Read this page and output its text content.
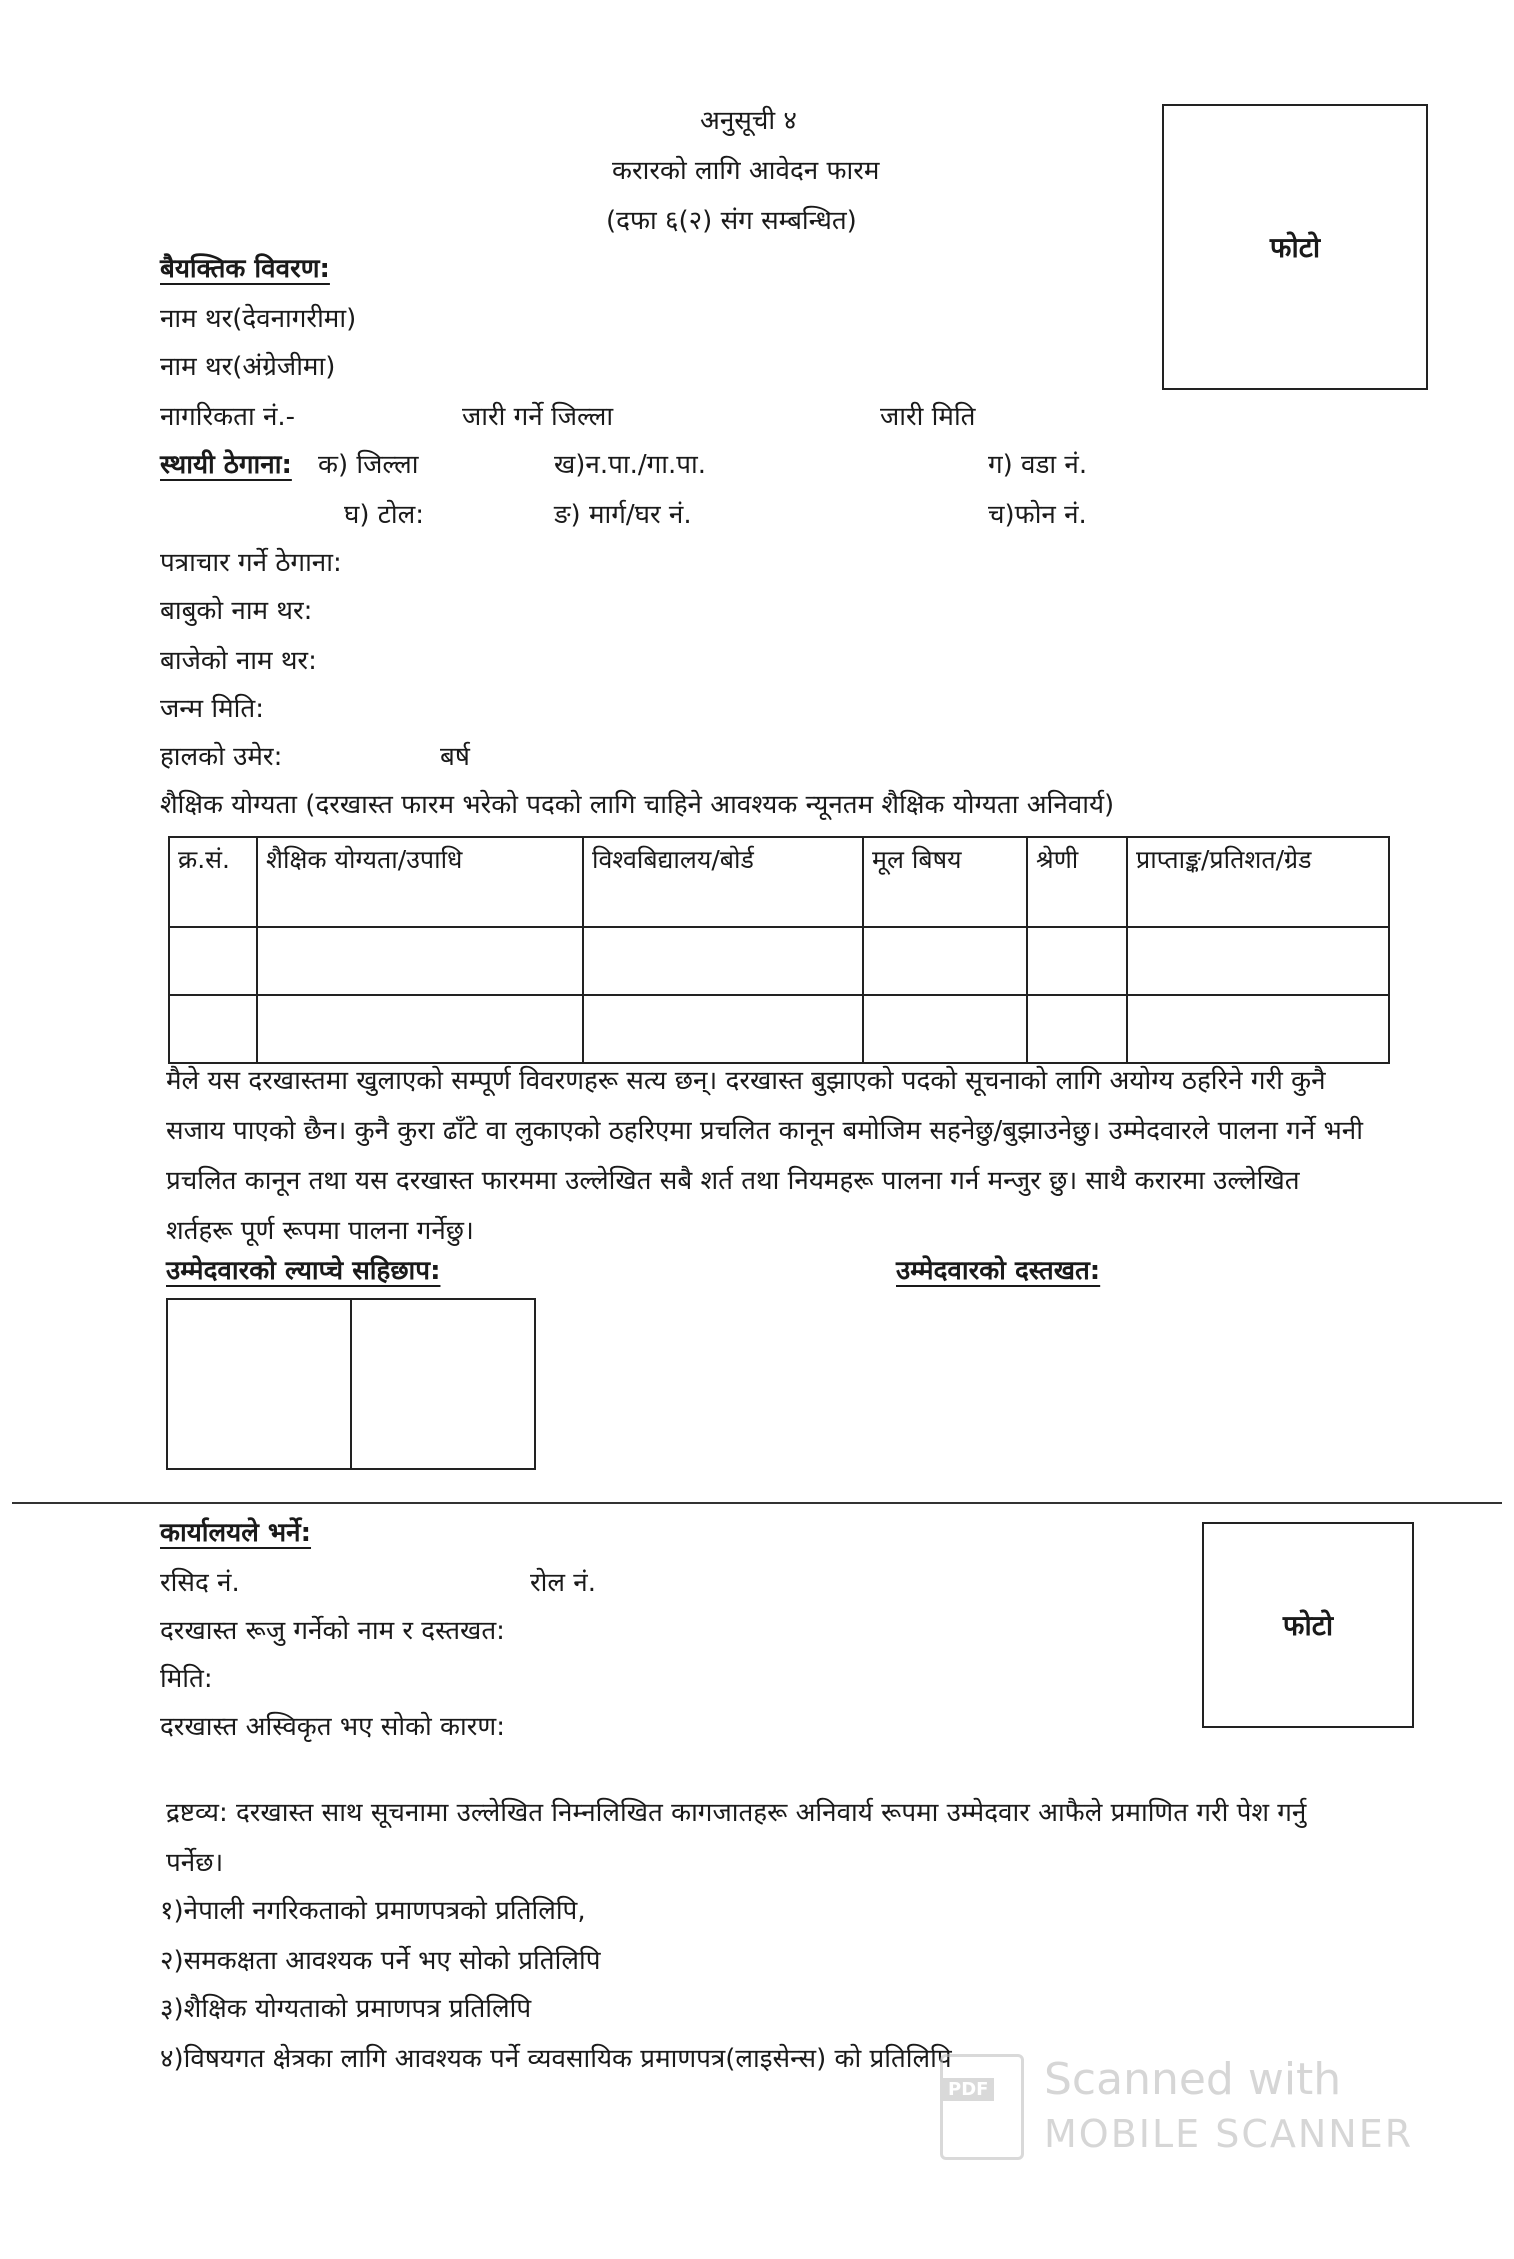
अनुसूची ४
करारको लागि आवेदन फारम
(दफा ६(२) संग सम्बन्धित)
फोटो
बैयक्तिक विवरण:
नाम थर(देवनागरीमा)
नाम थर(अंग्रेजीमा)
नागरिकता नं.-	जारी गर्ने जिल्ला	जारी मिति
स्थायी ठेगाना: क) जिल्ला	ख)न.पा./गा.पा.	ग) वडा नं.
घ) टोल:	ङ) मार्ग/घर नं.	च)फोन नं.
पत्राचार गर्ने ठेगाना:
बाबुको नाम थर:
बाजेको नाम थर:
जन्म मिति:
हालको उमेर:	बर्ष
शैक्षिक योग्यता (दरखास्त फारम भरेको पदको लागि चाहिने आवश्यक न्यूनतम शैक्षिक योग्यता अनिवार्य)
क्र.सं.	शैक्षिक योग्यता/उपाधि	विश्वबिद्यालय/बोर्ड	मूल बिषय	श्रेणी	प्राप्ताङ्क/प्रतिशत/ग्रेड

मैले यस दरखास्तमा खुलाएको सम्पूर्ण विवरणहरू सत्य छन्। दरखास्त बुझाएको पदको सूचनाको लागि अयोग्य ठहरिने गरी कुनै सजाय पाएको छैन। कुनै कुरा ढाँटे वा लुकाएको ठहरिएमा प्रचलित कानून बमोजिम सहनेछु/बुझाउनेछु। उम्मेदवारले पालना गर्ने भनी प्रचलित कानून तथा यस दरखास्त फारममा उल्लेखित सबै शर्त तथा नियमहरू पालना गर्न मन्जुर छु। साथै करारमा उल्लेखित शर्तहरू पूर्ण रूपमा पालना गर्नेछु।
उम्मेदवारको ल्याप्चे सहिछाप:	उम्मेदवारको दस्तखत:
कार्यालयले भर्ने:
रसिद नं.	रोल नं.
दरखास्त रूजु गर्नेको नाम र दस्तखत:
मिति:
दरखास्त अस्विकृत भए सोको कारण:
फोटो
द्रष्टव्य: दरखास्त साथ सूचनामा उल्लेखित निम्नलिखित कागजातहरू अनिवार्य रूपमा उम्मेदवार आफैले प्रमाणित गरी पेश गर्नु पर्नेछ।
१)नेपाली नगरिकताको प्रमाणपत्रको प्रतिलिपि,
२)समकक्षता आवश्यक पर्ने भए सोको प्रतिलिपि
३)शैक्षिक योग्यताको प्रमाणपत्र प्रतिलिपि
४)विषयगत क्षेत्रका लागि आवश्यक पर्ने व्यवसायिक प्रमाणपत्र(लाइसेन्स) को प्रतिलिपि
PDF Scanned with
MOBILE SCANNER
